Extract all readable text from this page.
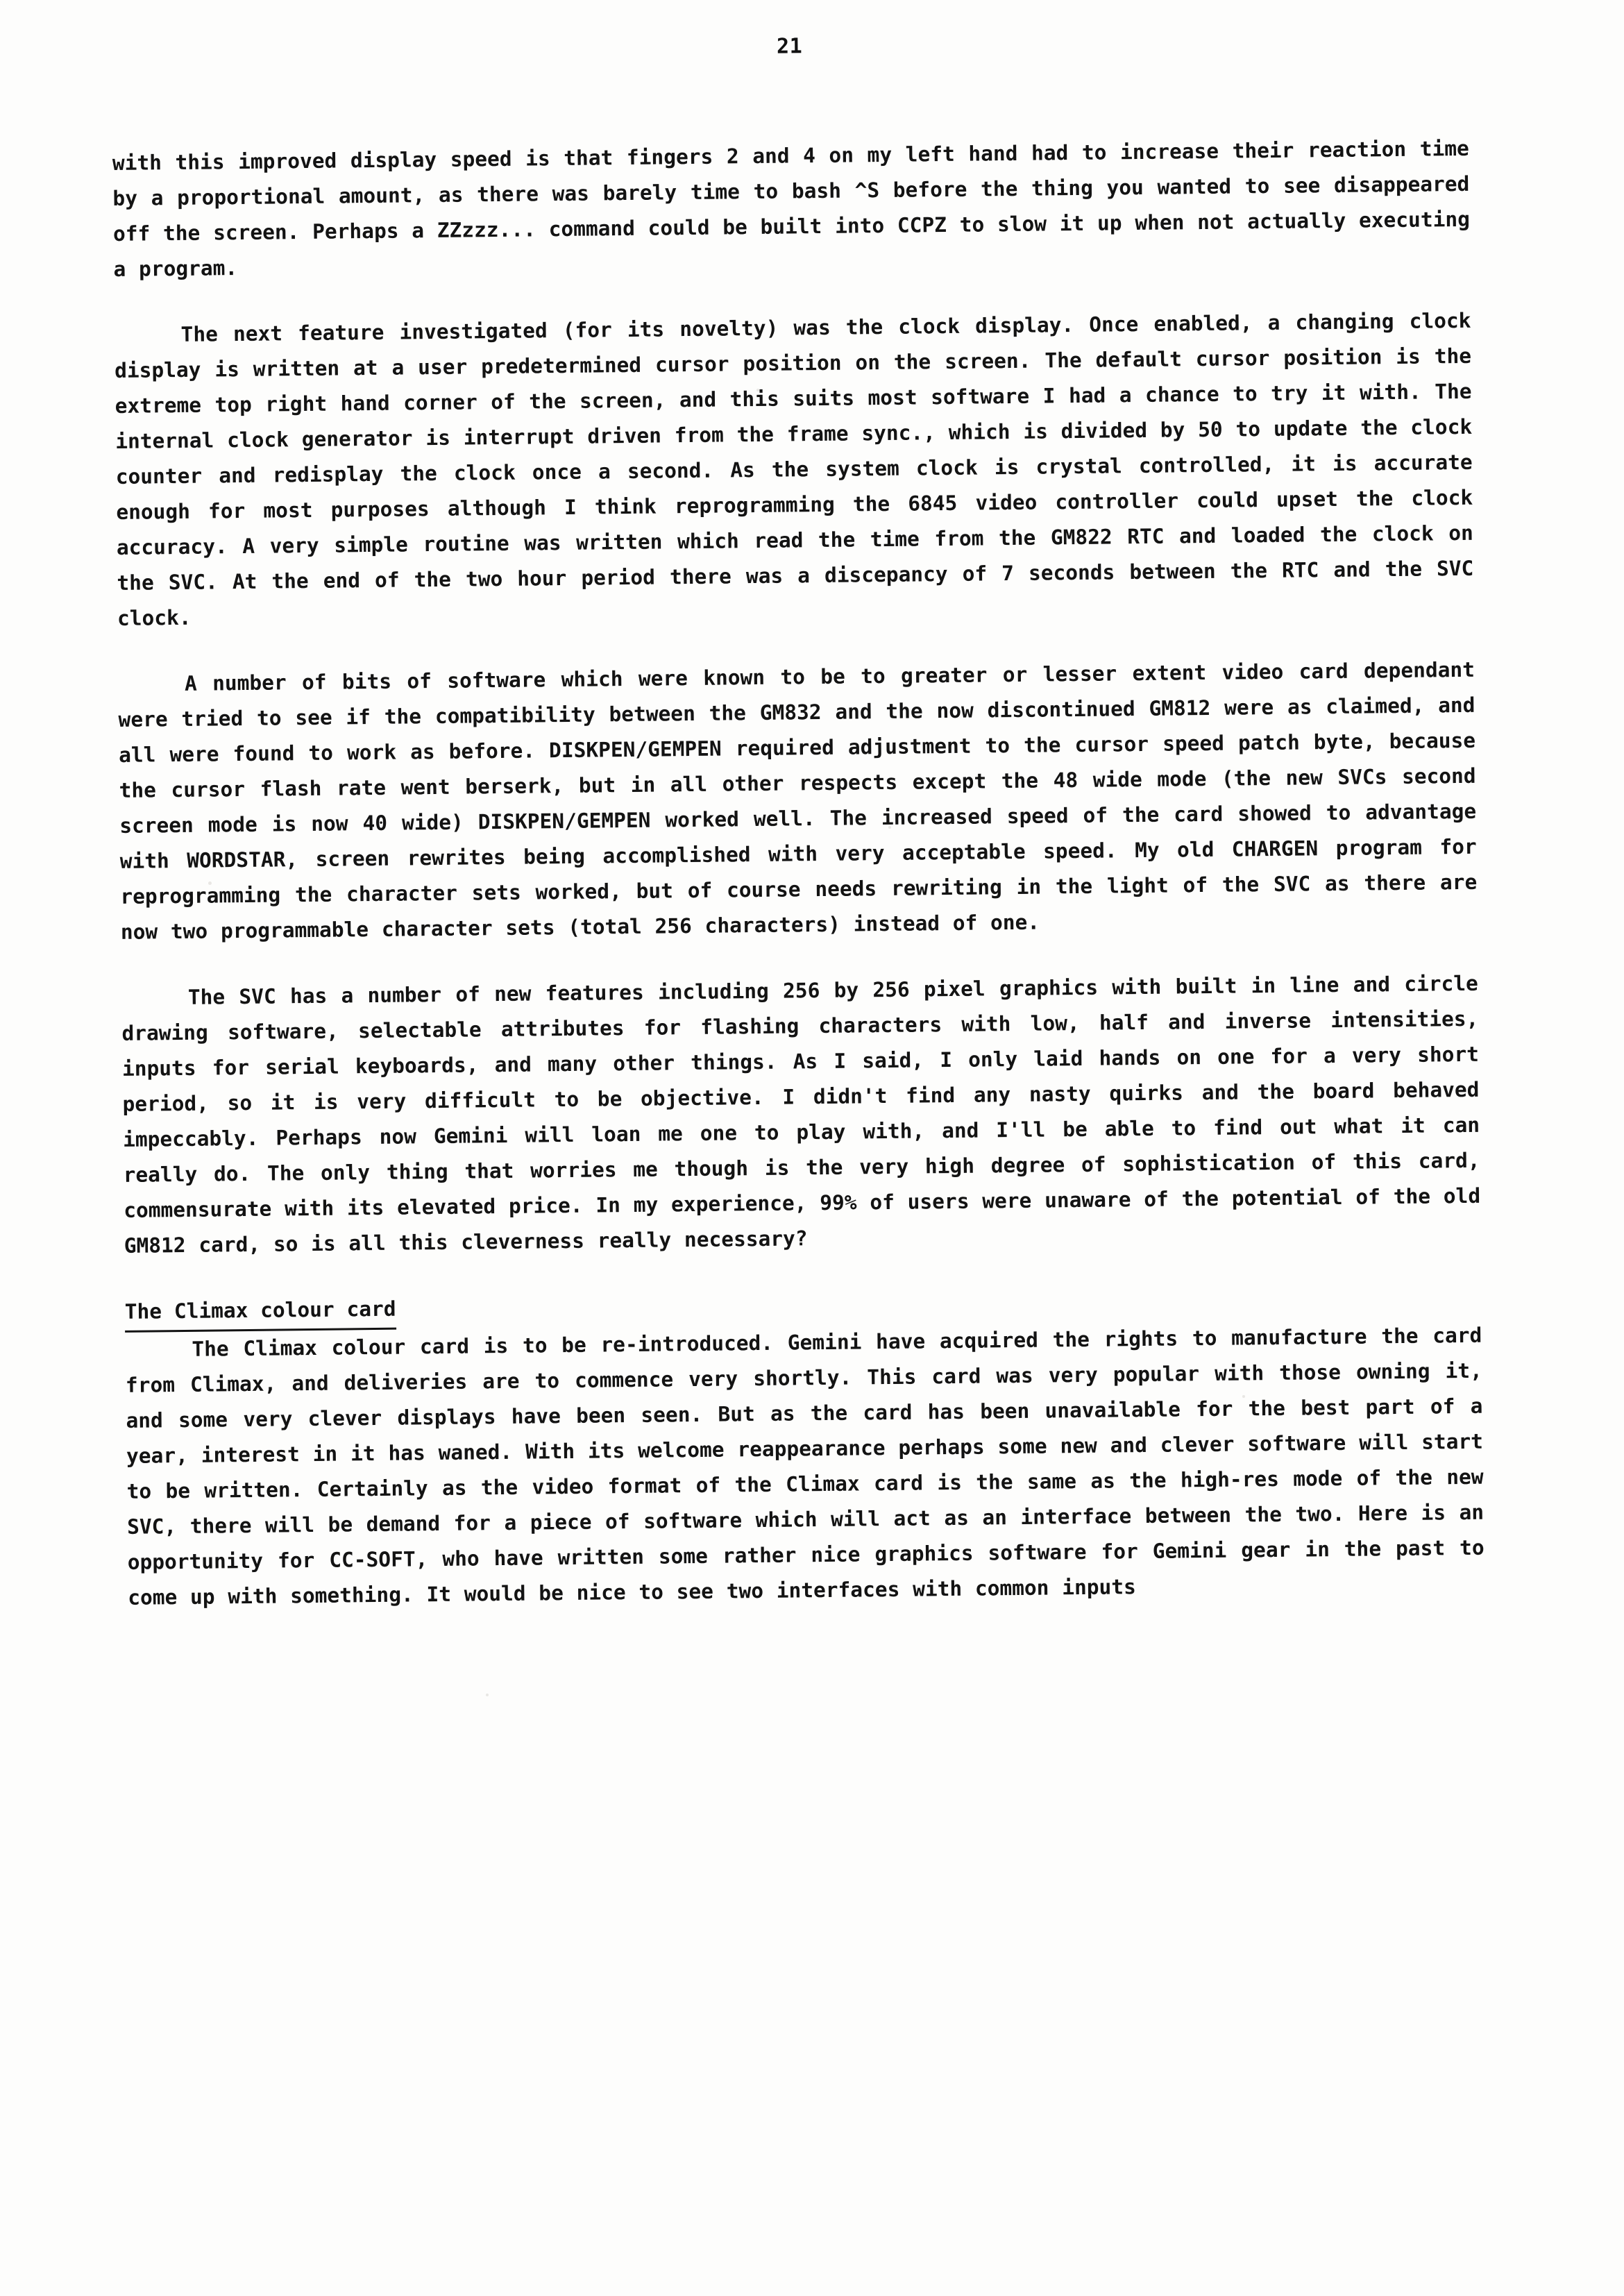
21

with this improved display speed is that fingers 2 and 4 on my left hand had to increase their reaction time by a proportional amount, as there was barely time to bash ^S before the thing you wanted to see disappeared off the screen. Perhaps a ZZzzz... command could be built into CCPZ to slow it up when not actually executing a program.

The next feature investigated (for its novelty) was the clock display. Once enabled, a changing clock display is written at a user predetermined cursor position on the screen. The default cursor position is the extreme top right hand corner of the screen, and this suits most software I had a chance to try it with. The internal clock generator is interrupt driven from the frame sync., which is divided by 50 to update the clock counter and redisplay the clock once a second. As the system clock is crystal controlled, it is accurate enough for most purposes although I think reprogramming the 6845 video controller could upset the clock accuracy. A very simple routine was written which read the time from the GM822 RTC and loaded the clock on the SVC. At the end of the two hour period there was a discepancy of 7 seconds between the RTC and the SVC clock.

A number of bits of software which were known to be to greater or lesser extent video card dependant were tried to see if the compatibility between the GM832 and the now discontinued GM812 were as claimed, and all were found to work as before. DISKPEN/GEMPEN required adjustment to the cursor speed patch byte, because the cursor flash rate went berserk, but in all other respects except the 48 wide mode (the new SVCs second screen mode is now 40 wide) DISKPEN/GEMPEN worked well. The increased speed of the card showed to advantage with WORDSTAR, screen rewrites being accomplished with very acceptable speed. My old CHARGEN program for reprogramming the character sets worked, but of course needs rewriting in the light of the SVC as there are now two programmable character sets (total 256 characters) instead of one.

The SVC has a number of new features including 256 by 256 pixel graphics with built in line and circle drawing software, selectable attributes for flashing characters with low, half and inverse intensities, inputs for serial keyboards, and many other things. As I said, I only laid hands on one for a very short period, so it is very difficult to be objective. I didn't find any nasty quirks and the board behaved impeccably. Perhaps now Gemini will loan me one to play with, and I'll be able to find out what it can really do. The only thing that worries me though is the very high degree of sophistication of this card, commensurate with its elevated price. In my experience, 99% of users were unaware of the potential of the old GM812 card, so is all this cleverness really necessary?

The Climax colour card

The Climax colour card is to be re-introduced. Gemini have acquired the rights to manufacture the card from Climax, and deliveries are to commence very shortly. This card was very popular with those owning it, and some very clever displays have been seen. But as the card has been unavailable for the best part of a year, interest in it has waned. With its welcome reappearance perhaps some new and clever software will start to be written. Certainly as the video format of the Climax card is the same as the high-res mode of the new SVC, there will be demand for a piece of software which will act as an interface between the two. Here is an opportunity for CC-SOFT, who have written some rather nice graphics software for Gemini gear in the past to come up with something. It would be nice to see two interfaces with common inputs
